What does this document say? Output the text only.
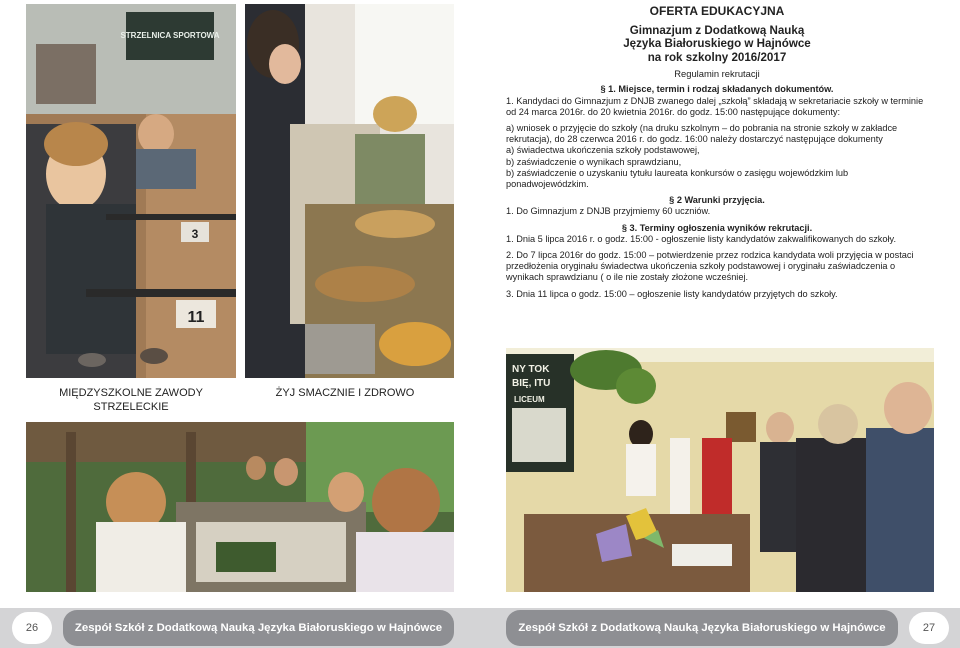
STRZELNICA SPORTOWA
3
11
MIĘDZYSZKOLNE ZAWODY STRZELECKIE
ŻYJ SMACZNIE I ZDROWO
26	Zespół Szkół z Dodatkową Nauką Języka Białoruskiego w Hajnówce
OFERTA EDUKACYJNA
Gimnazjum z Dodatkową Nauką
Języka Białoruskiego w Hajnówce
na rok szkolny 2016/2017
Regulamin rekrutacji
§ 1. Miejsce, termin i rodzaj składanych dokumentów.

1. Kandydaci do Gimnazjum z DNJB zwanego dalej „szkołą” składają w sekretariacie szkoły w terminie od 24 marca 2016r. do 20 kwietnia 2016r. do godz. 15:00 następujące dokumenty:

a) wniosek o przyjęcie do szkoły (na druku szkolnym – do pobrania na stronie szkoły w zakładce rekrutacja), do 28 czerwca 2016 r. do godz. 16:00 należy dostarczyć następujące dokumenty

a) świadectwa ukończenia szkoły podstawowej,

b) zaświadczenie o wynikach sprawdzianu,

b) zaświadczenie o uzyskaniu tytułu laureata konkursów o zasięgu wojewódzkim lub ponadwojewódzkim.

§ 2 Warunki przyjęcia.

1. Do Gimnazjum z DNJB przyjmiemy 60 uczniów.

§ 3. Terminy ogłoszenia wyników rekrutacji.

1. Dnia 5 lipca 2016 r. o godz. 15:00 - ogłoszenie listy kandydatów zakwalifikowanych do szkoły.

2. Do 7 lipca 2016r do godz. 15:00 – potwierdzenie przez rodzica kandydata woli przyjęcia w postaci przedłożenia oryginału świadectwa ukończenia szkoły podstawowej i oryginału zaświadczenia o wynikach sprawdzianu ( o ile nie zostały złożone wcześniej.

3. Dnia 11 lipca o godz. 15:00 – ogłoszenie listy kandydatów przyjętych do szkoły.

NY TOK
BIĘ, ITU
LICEUM
Zespół Szkół z Dodatkową Nauką Języka Białoruskiego w Hajnówce	27
